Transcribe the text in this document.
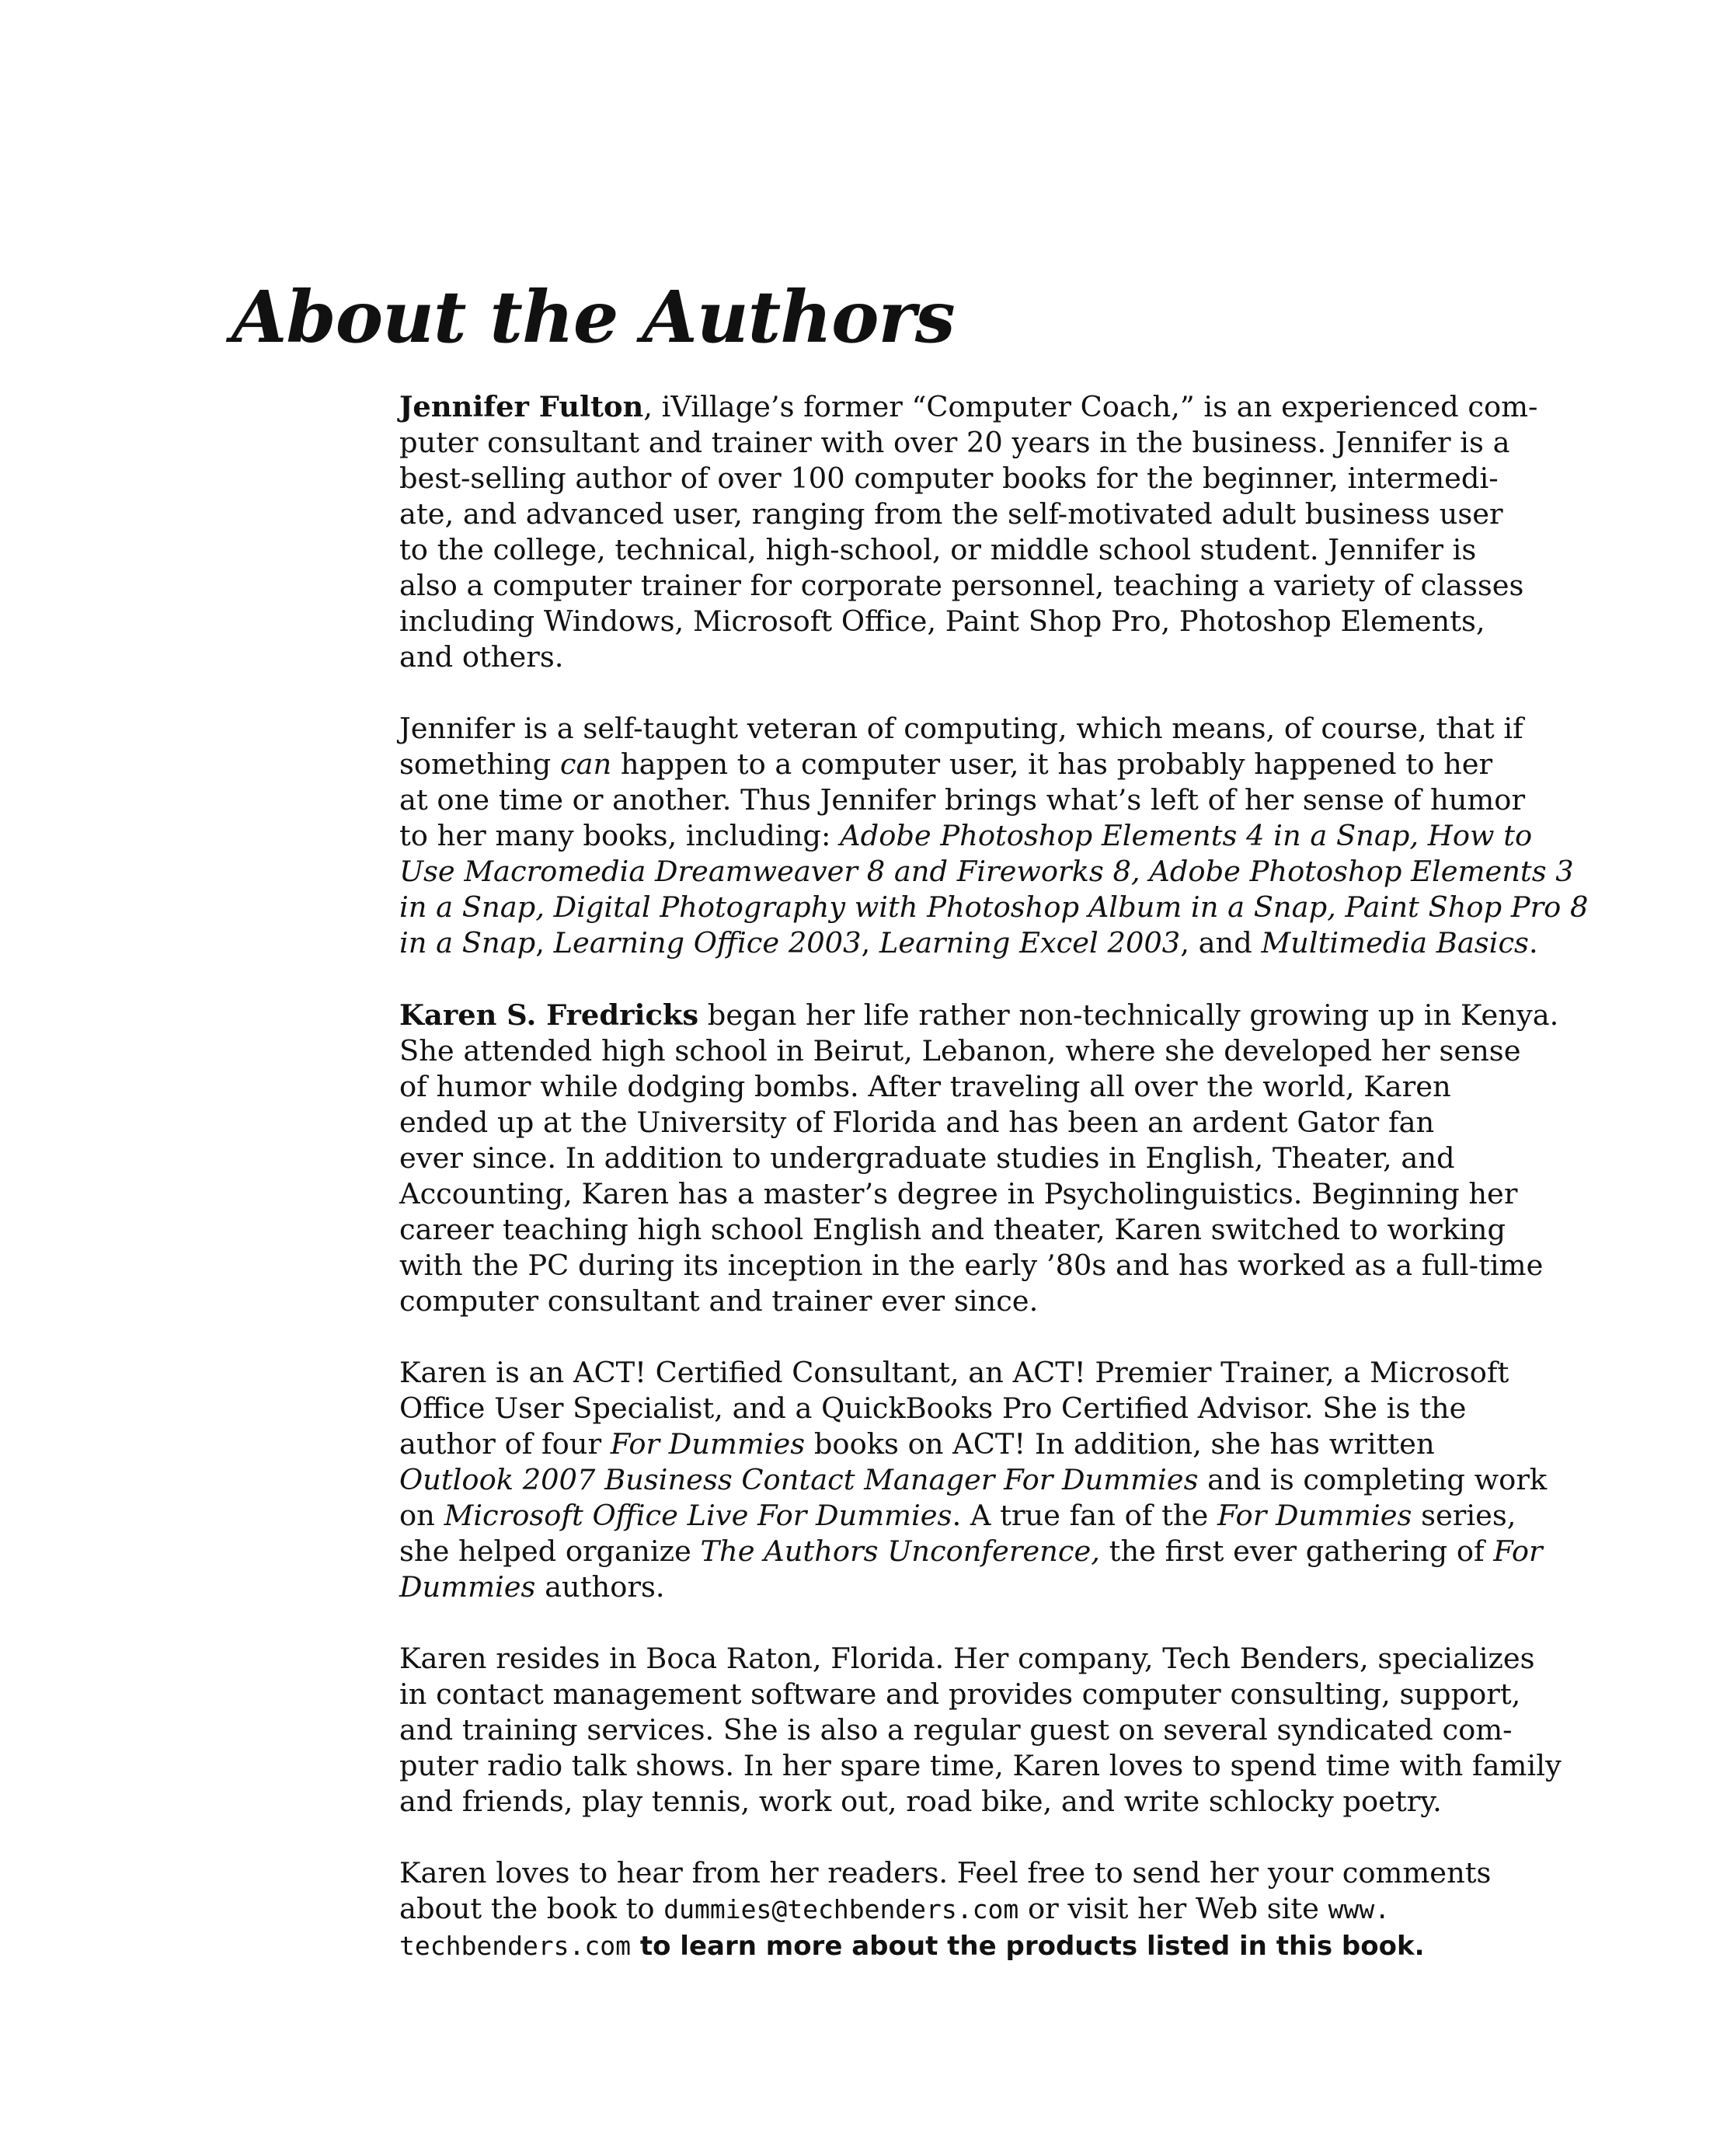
About the Authors

Jennifer Fulton, iVillage’s former “Computer Coach,” is an experienced com-
puter consultant and trainer with over 20 years in the business. Jennifer is a
best-selling author of over 100 computer books for the beginner, intermedi-
ate, and advanced user, ranging from the self-motivated adult business user
to the college, technical, high-school, or middle school student. Jennifer is
also a computer trainer for corporate personnel, teaching a variety of classes
including Windows, Microsoft Office, Paint Shop Pro, Photoshop Elements,
and others.

Jennifer is a self-taught veteran of computing, which means, of course, that if
something can happen to a computer user, it has probably happened to her
at one time or another. Thus Jennifer brings what’s left of her sense of humor
to her many books, including: Adobe Photoshop Elements 4 in a Snap, How to
Use Macromedia Dreamweaver 8 and Fireworks 8, Adobe Photoshop Elements 3
in a Snap, Digital Photography with Photoshop Album in a Snap, Paint Shop Pro 8
in a Snap, Learning Office 2003, Learning Excel 2003, and Multimedia Basics.

Karen S. Fredricks began her life rather non-technically growing up in Kenya.
She attended high school in Beirut, Lebanon, where she developed her sense
of humor while dodging bombs. After traveling all over the world, Karen
ended up at the University of Florida and has been an ardent Gator fan
ever since. In addition to undergraduate studies in English, Theater, and
Accounting, Karen has a master’s degree in Psycholinguistics. Beginning her
career teaching high school English and theater, Karen switched to working
with the PC during its inception in the early ’80s and has worked as a full-time
computer consultant and trainer ever since.

Karen is an ACT! Certified Consultant, an ACT! Premier Trainer, a Microsoft
Office User Specialist, and a QuickBooks Pro Certified Advisor. She is the
author of four For Dummies books on ACT! In addition, she has written
Outlook 2007 Business Contact Manager For Dummies and is completing work
on Microsoft Office Live For Dummies. A true fan of the For Dummies series,
she helped organize The Authors Unconference, the first ever gathering of For
Dummies authors.

Karen resides in Boca Raton, Florida. Her company, Tech Benders, specializes
in contact management software and provides computer consulting, support,
and training services. She is also a regular guest on several syndicated com-
puter radio talk shows. In her spare time, Karen loves to spend time with family
and friends, play tennis, work out, road bike, and write schlocky poetry.

Karen loves to hear from her readers. Feel free to send her your comments
about the book to dummies@techbenders.com or visit her Web site www.
techbenders.com to learn more about the products listed in this book.
